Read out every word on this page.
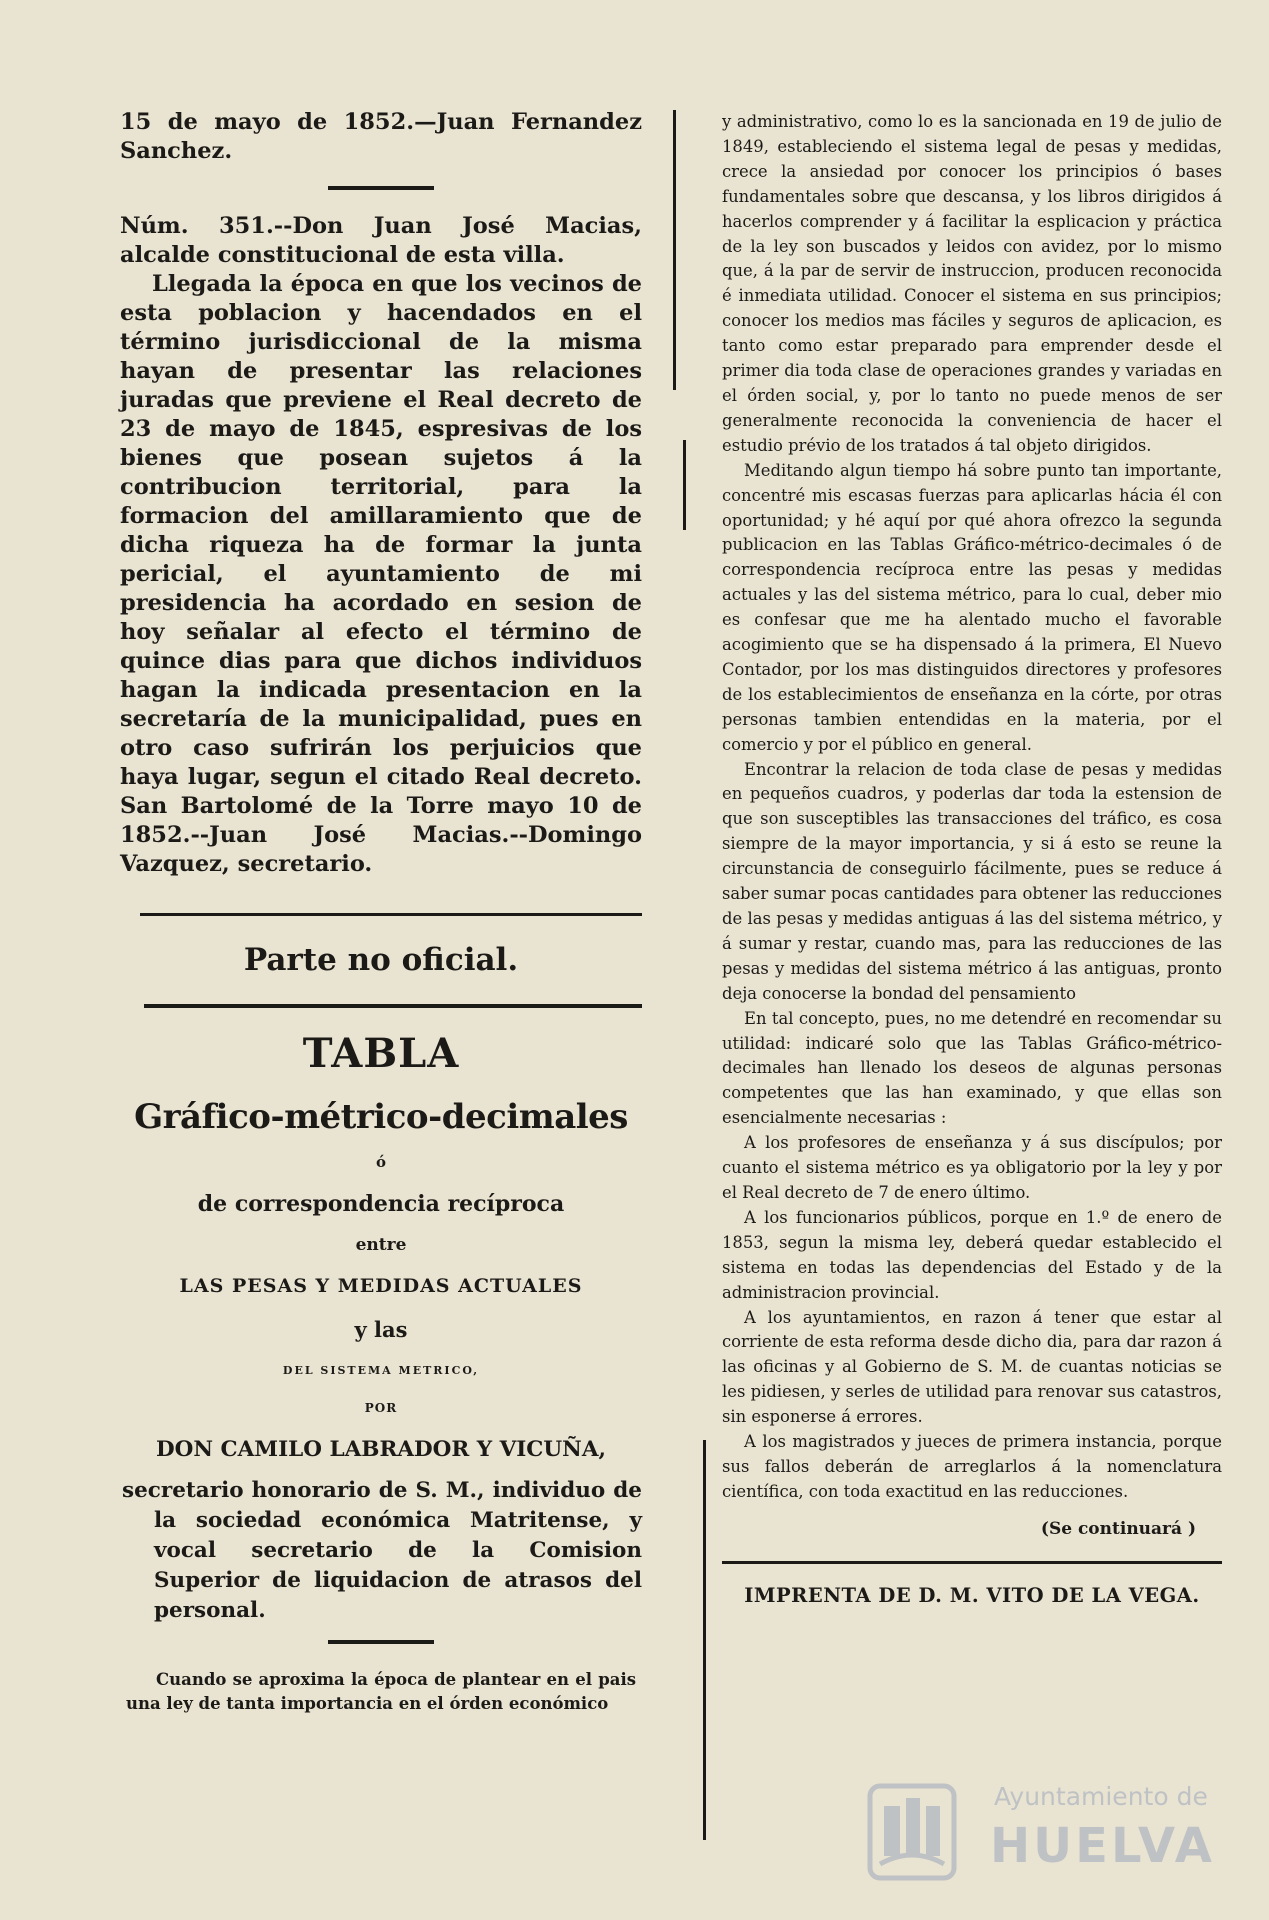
15 de mayo de 1852.—Juan Fernandez Sanchez.

Núm. 351.--Don Juan José Macias, alcalde constitucional de esta villa.

Llegada la época en que los vecinos de esta poblacion y hacendados en el término jurisdiccional de la misma hayan de presentar las relaciones juradas que previene el Real decreto de 23 de mayo de 1845, espresivas de los bienes que posean sujetos á la contribucion territorial, para la formacion del amillaramiento que de dicha riqueza ha de formar la junta pericial, el ayuntamiento de mi presidencia ha acordado en sesion de hoy señalar al efecto el término de quince dias para que dichos individuos hagan la indicada presentacion en la secretaría de la municipalidad, pues en otro caso sufrirán los perjuicios que haya lugar, segun el citado Real decreto. San Bartolomé de la Torre mayo 10 de 1852.--Juan José Macias.--Domingo Vazquez, secretario.

Parte no oficial.

TABLA

Gráfico-métrico-decimales

ó

de correspondencia recíproca

entre

LAS PESAS Y MEDIDAS ACTUALES

y las

DEL SISTEMA METRICO,

POR

DON CAMILO LABRADOR Y VICUÑA,

secretario honorario de S. M., individuo de la sociedad económica Matritense, y vocal secretario de la Comision Superior de liquidacion de atrasos del personal.

Cuando se aproxima la época de plantear en el pais una ley de tanta importancia en el órden económico

y administrativo, como lo es la sancionada en 19 de julio de 1849, estableciendo el sistema legal de pesas y medidas, crece la ansiedad por conocer los principios ó bases fundamentales sobre que descansa, y los libros dirigidos á hacerlos comprender y á facilitar la esplicacion y práctica de la ley son buscados y leidos con avidez, por lo mismo que, á la par de servir de instruccion, producen reconocida é inmediata utilidad. Conocer el sistema en sus principios; conocer los medios mas fáciles y seguros de aplicacion, es tanto como estar preparado para emprender desde el primer dia toda clase de operaciones grandes y variadas en el órden social, y, por lo tanto no puede menos de ser generalmente reconocida la conveniencia de hacer el estudio prévio de los tratados á tal objeto dirigidos.

Meditando algun tiempo há sobre punto tan importante, concentré mis escasas fuerzas para aplicarlas hácia él con oportunidad; y hé aquí por qué ahora ofrezco la segunda publicacion en las Tablas Gráfico-métrico-decimales ó de correspondencia recíproca entre las pesas y medidas actuales y las del sistema métrico, para lo cual, deber mio es confesar que me ha alentado mucho el favorable acogimiento que se ha dispensado á la primera, El Nuevo Contador, por los mas distinguidos directores y profesores de los establecimientos de enseñanza en la córte, por otras personas tambien entendidas en la materia, por el comercio y por el público en general.

Encontrar la relacion de toda clase de pesas y medidas en pequeños cuadros, y poderlas dar toda la estension de que son susceptibles las transacciones del tráfico, es cosa siempre de la mayor importancia, y si á esto se reune la circunstancia de conseguirlo fácilmente, pues se reduce á saber sumar pocas cantidades para obtener las reducciones de las pesas y medidas antiguas á las del sistema métrico, y á sumar y restar, cuando mas, para las reducciones de las pesas y medidas del sistema métrico á las antiguas, pronto deja conocerse la bondad del pensamiento

En tal concepto, pues, no me detendré en recomendar su utilidad: indicaré solo que las Tablas Gráfico-métrico-decimales han llenado los deseos de algunas personas competentes que las han examinado, y que ellas son esencialmente necesarias :

A los profesores de enseñanza y á sus discípulos; por cuanto el sistema métrico es ya obligatorio por la ley y por el Real decreto de 7 de enero último.

A los funcionarios públicos, porque en 1.º de enero de 1853, segun la misma ley, deberá quedar establecido el sistema en todas las dependencias del Estado y de la administracion provincial.

A los ayuntamientos, en razon á tener que estar al corriente de esta reforma desde dicho dia, para dar razon á las oficinas y al Gobierno de S. M. de cuantas noticias se les pidiesen, y serles de utilidad para renovar sus catastros, sin esponerse á errores.

A los magistrados y jueces de primera instancia, porque sus fallos deberán de arreglarlos á la nomenclatura científica, con toda exactitud en las reducciones.

(Se continuará )

IMPRENTA DE D. M. VITO DE LA VEGA.

Ayuntamiento de
HUELVA
